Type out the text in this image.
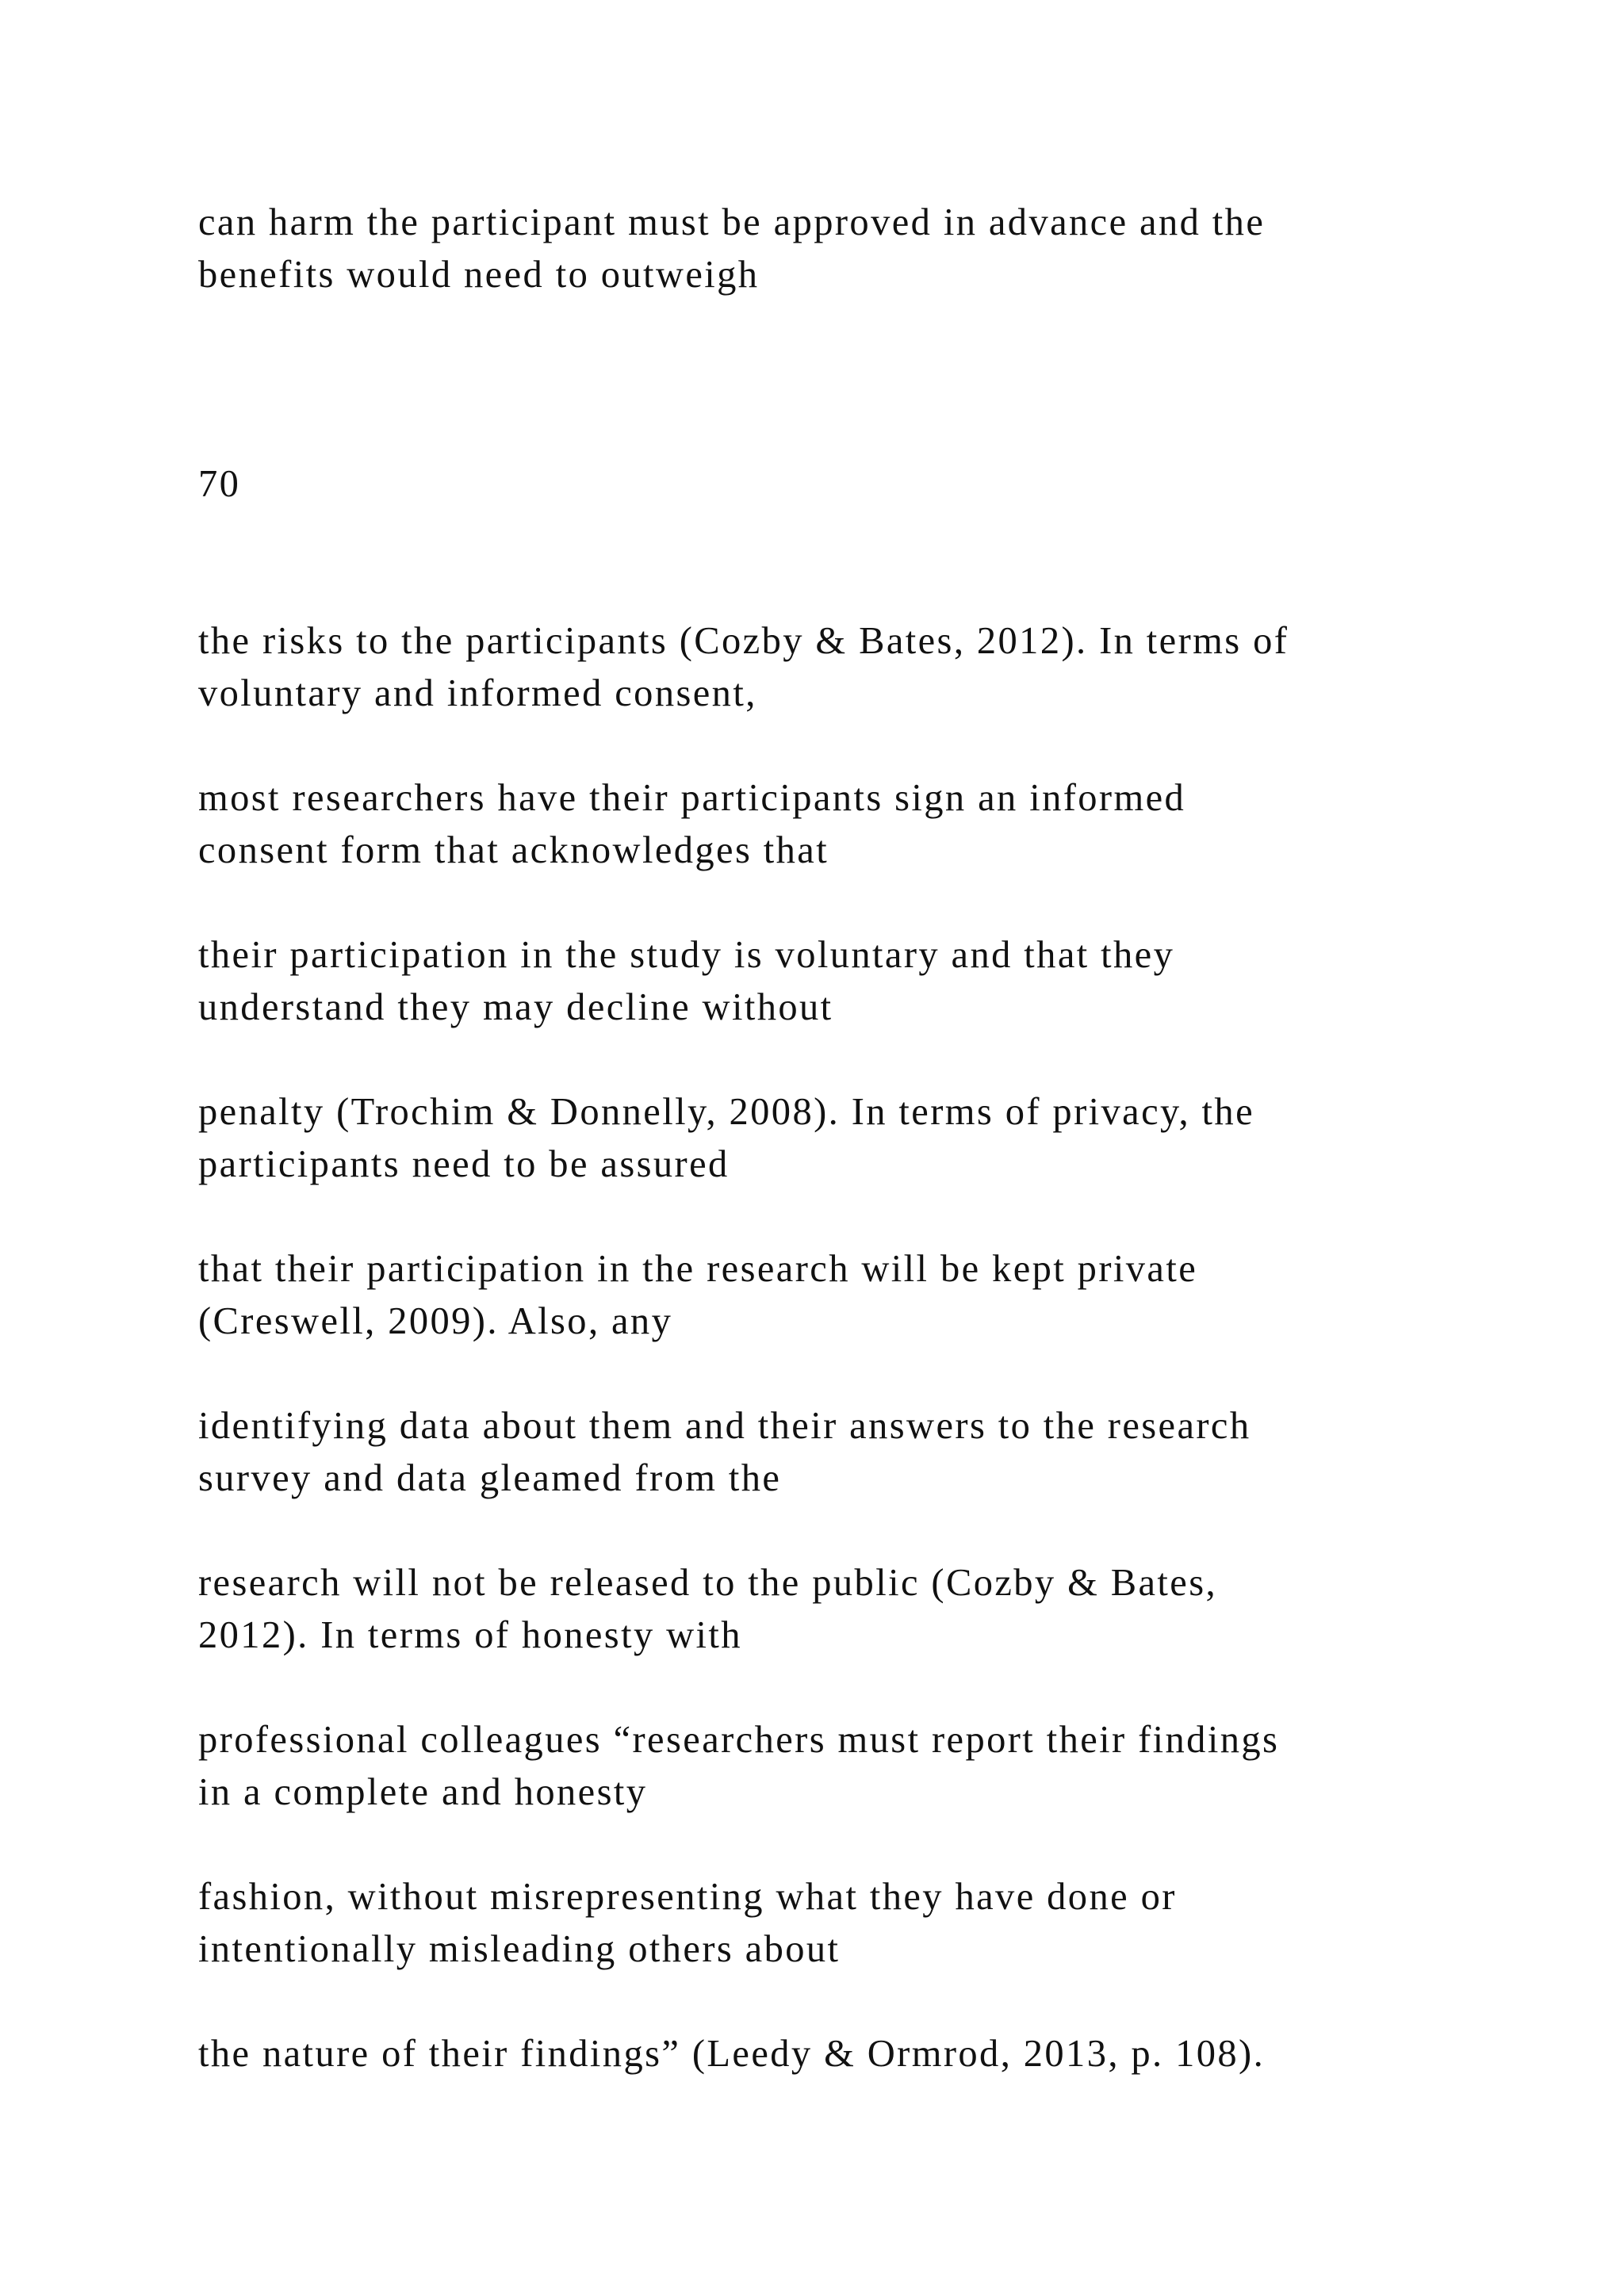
can harm the participant must be approved in advance and the

benefits would need to outweigh

70

the risks to the participants (Cozby & Bates, 2012). In terms of

voluntary and informed consent,

most researchers have their participants sign an informed

consent form that acknowledges that

their participation in the study is voluntary and that they

understand they may decline without

penalty (Trochim & Donnelly, 2008). In terms of privacy, the

participants need to be assured

that their participation in the research will be kept private

(Creswell, 2009). Also, any

identifying data about them and their answers to the research

survey and data gleamed from the

research will not be released to the public (Cozby & Bates,

2012). In terms of honesty with

professional colleagues “researchers must report their findings

in a complete and honesty

fashion, without misrepresenting what they have done or

intentionally misleading others about

the nature of their findings” (Leedy & Ormrod, 2013, p. 108).
